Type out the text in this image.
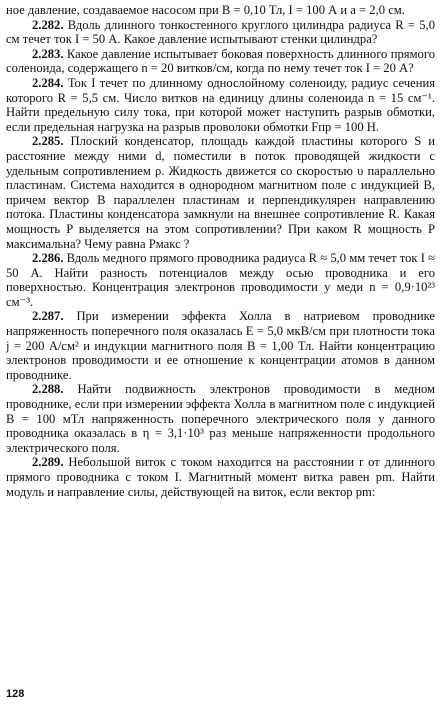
ное давление, создаваемое насосом при B = 0,10 Тл, I = 100 А и a = 2,0 см.

2.282. Вдоль длинного тонкостенного круглого цилиндра радиуса R = 5,0 см течет ток I = 50 А. Какое давление испытывают стенки цилиндра?

2.283. Какое давление испытывает боковая поверхность длинного прямого соленоида, содержащего n = 20 витков/см, когда по нему течет ток I = 20 А?

2.284. Ток I течет по длинному однослойному соленоиду, радиус сечения которого R = 5,5 см. Число витков на единицу длины соленоида n = 15 см⁻¹. Найти предельную силу тока, при которой может наступить разрыв обмотки, если предельная нагрузка на разрыв проволоки обмотки Fпр = 100 Н.

2.285. Плоский конденсатор, площадь каждой пластины которого S и расстояние между ними d, поместили в поток проводящей жидкости с удельным сопротивлением ρ. Жидкость движется со скоростью υ параллельно пластинам. Система находится в однородном магнитном поле с индукцией B, причем вектор B параллелен пластинам и перпендикулярен направлению потока. Пластины конденсатора замкнули на внешнее сопротивление R. Какая мощность P выделяется на этом сопротивлении? При каком R мощность P максимальна? Чему равна Pмакс ?

2.286. Вдоль медного прямого проводника радиуса R ≈ 5,0 мм течет ток I ≈ 50 А. Найти разность потенциалов между осью проводника и его поверхностью. Концентрация электронов проводимости у меди n = 0,9·10²³ см⁻³.

2.287. При измерении эффекта Холла в натриевом проводнике напряженность поперечного поля оказалась E = 5,0 мкВ/см при плотности тока j = 200 А/см² и индукции магнитного поля B = 1,00 Тл. Найти концентрацию электронов проводимости и ее отношение к концентрации атомов в данном проводнике.

2.288. Найти подвижность электронов проводимости в медном проводнике, если при измерении эффекта Холла в магнитном поле с индукцией B = 100 мТл напряженность поперечного электрического поля у данного проводника оказалась в η = 3,1·10³ раз меньше напряженности продольного электрического поля.

2.289. Небольшой виток с током находится на расстоянии r от длинного прямого проводника с током I. Магнитный момент витка равен pm. Найти модуль и направление силы, действующей на виток, если вектор pm:

128
